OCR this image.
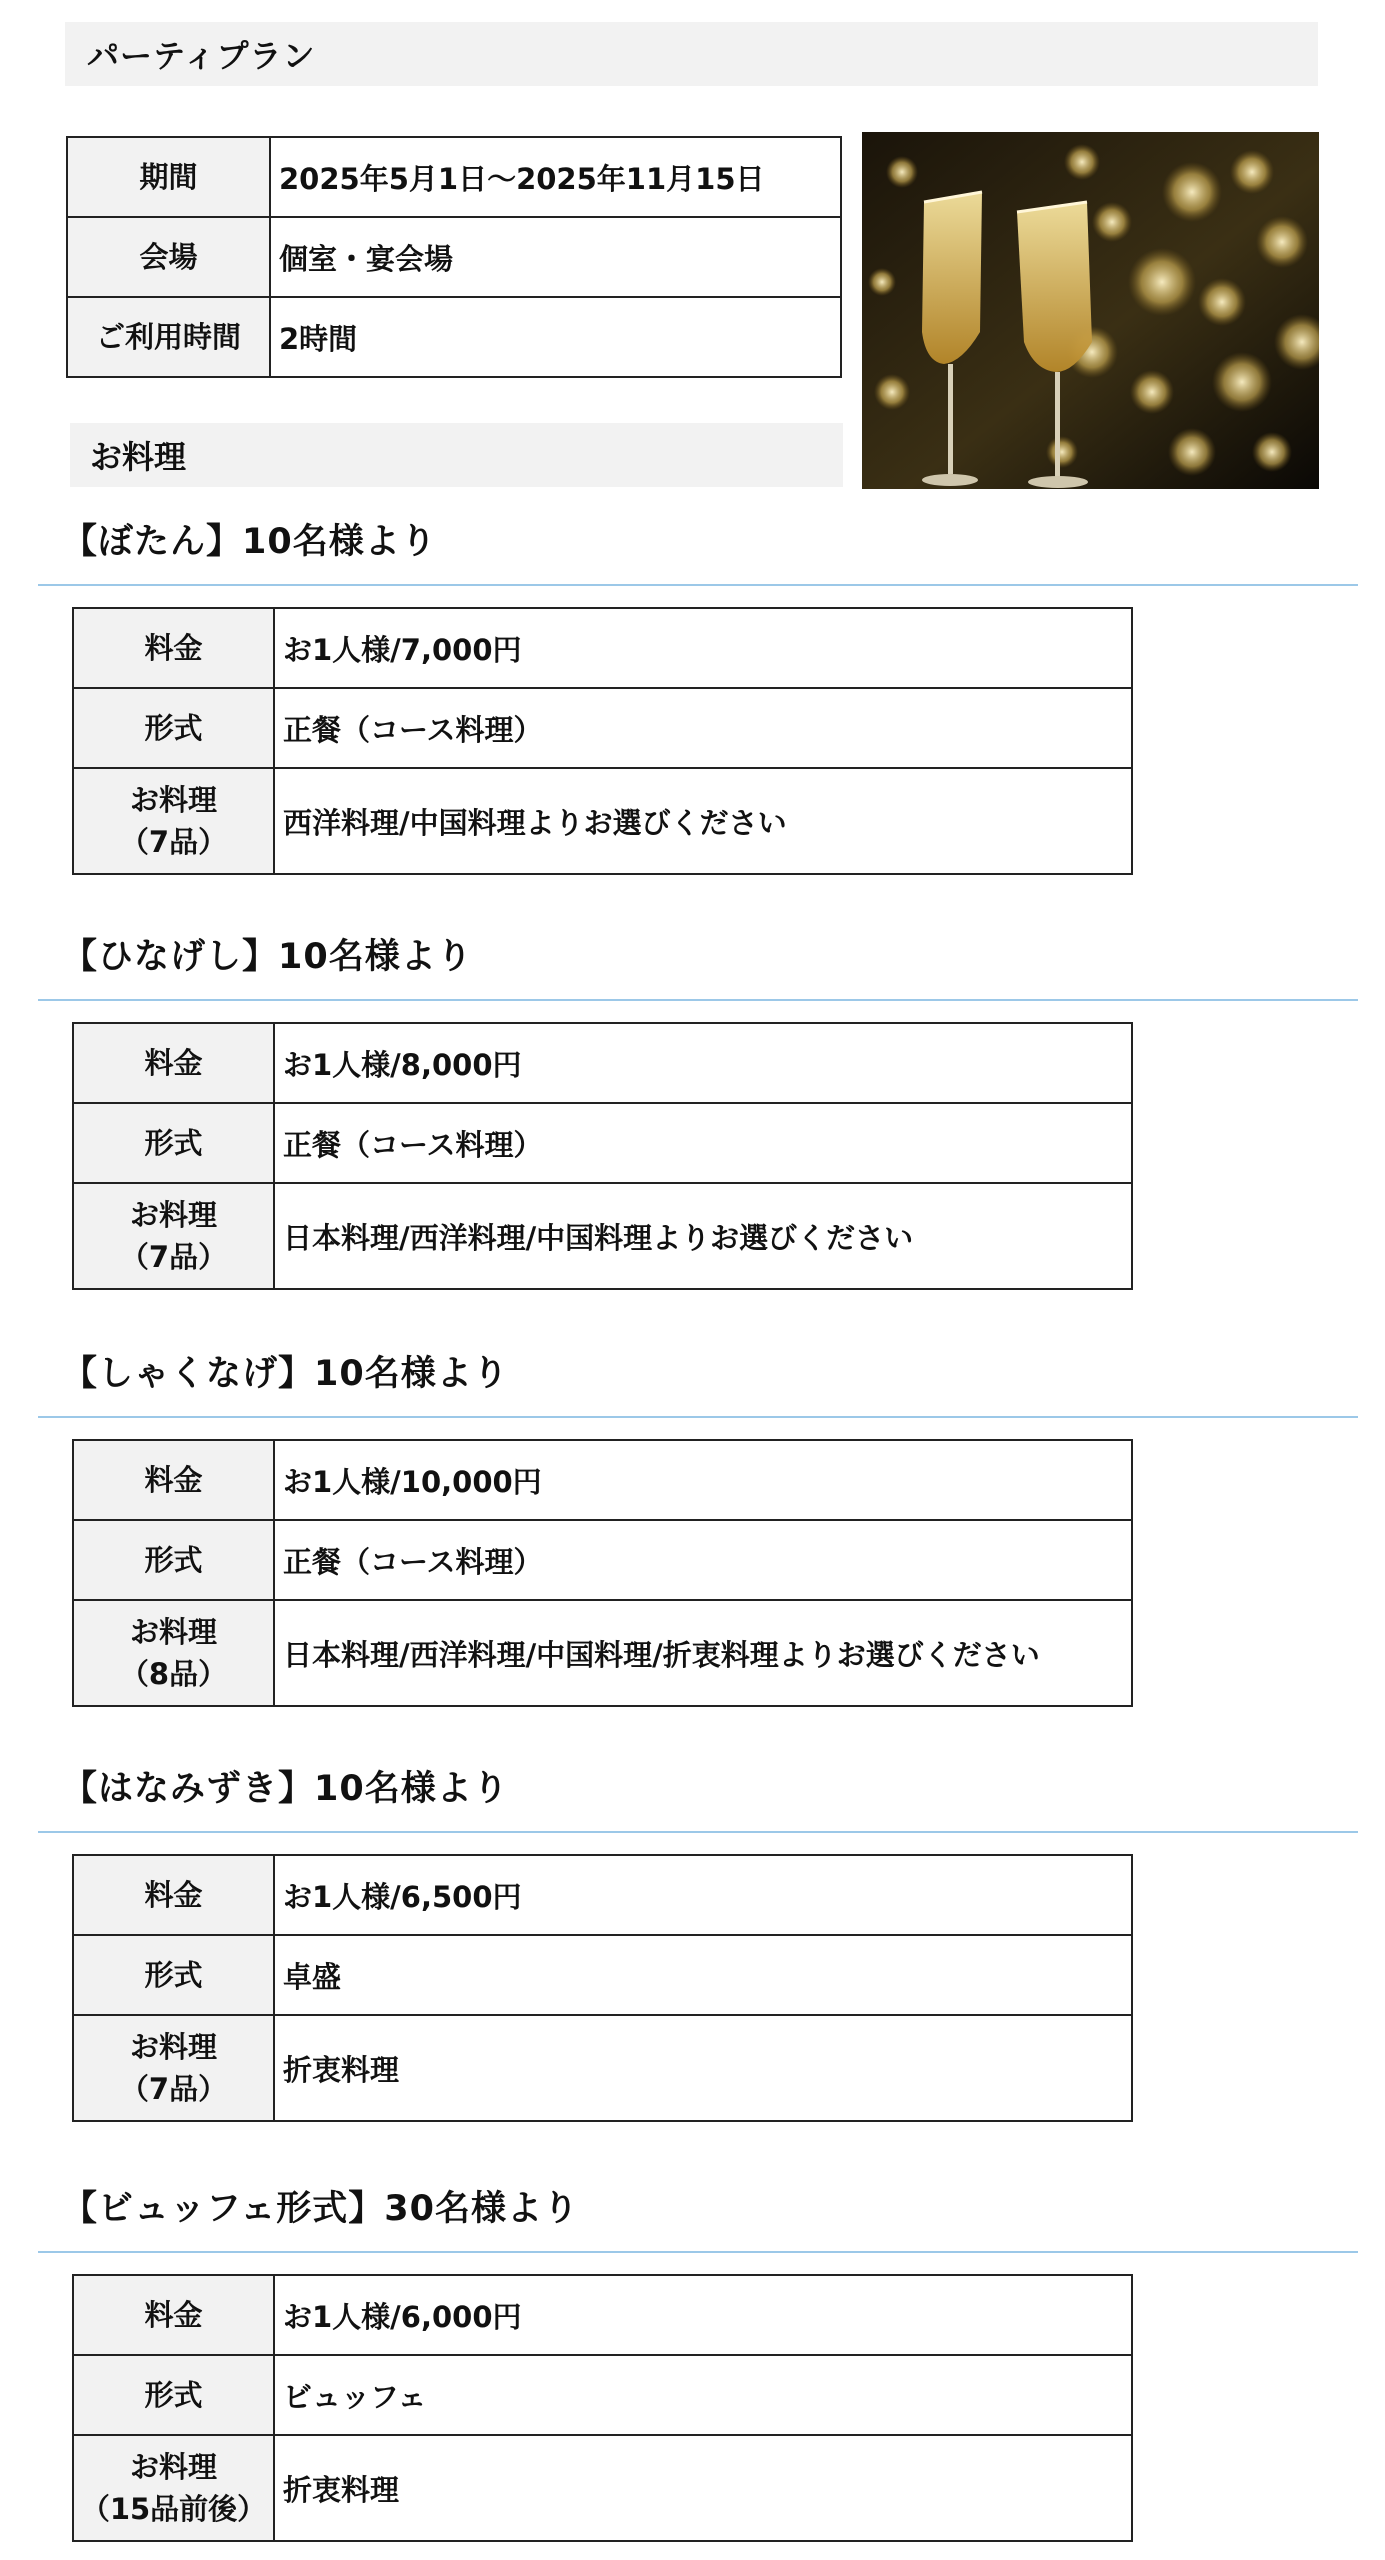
パーティプラン
期間	2025年5月1日〜2025年11月15日
会場	個室・宴会場
ご利用時間	2時間
お料理
【ぼたん】10名様より
料金	お1人様/7,000円
形式	正餐（コース料理）

お料理
（7品）	西洋料理/中国料理よりお選びください
【ひなげし】10名様より
料金	お1人様/8,000円
形式	正餐（コース料理）

お料理
（7品）	日本料理/西洋料理/中国料理よりお選びください
【しゃくなげ】10名様より
料金	お1人様/10,000円
形式	正餐（コース料理）

お料理
（8品）	日本料理/西洋料理/中国料理/折衷料理よりお選びください
【はなみずき】10名様より
料金	お1人様/6,500円
形式	卓盛

お料理
（7品）	折衷料理
【ビュッフェ形式】30名様より
料金	お1人様/6,000円
形式	ビュッフェ

お料理
（15品前後）	折衷料理
